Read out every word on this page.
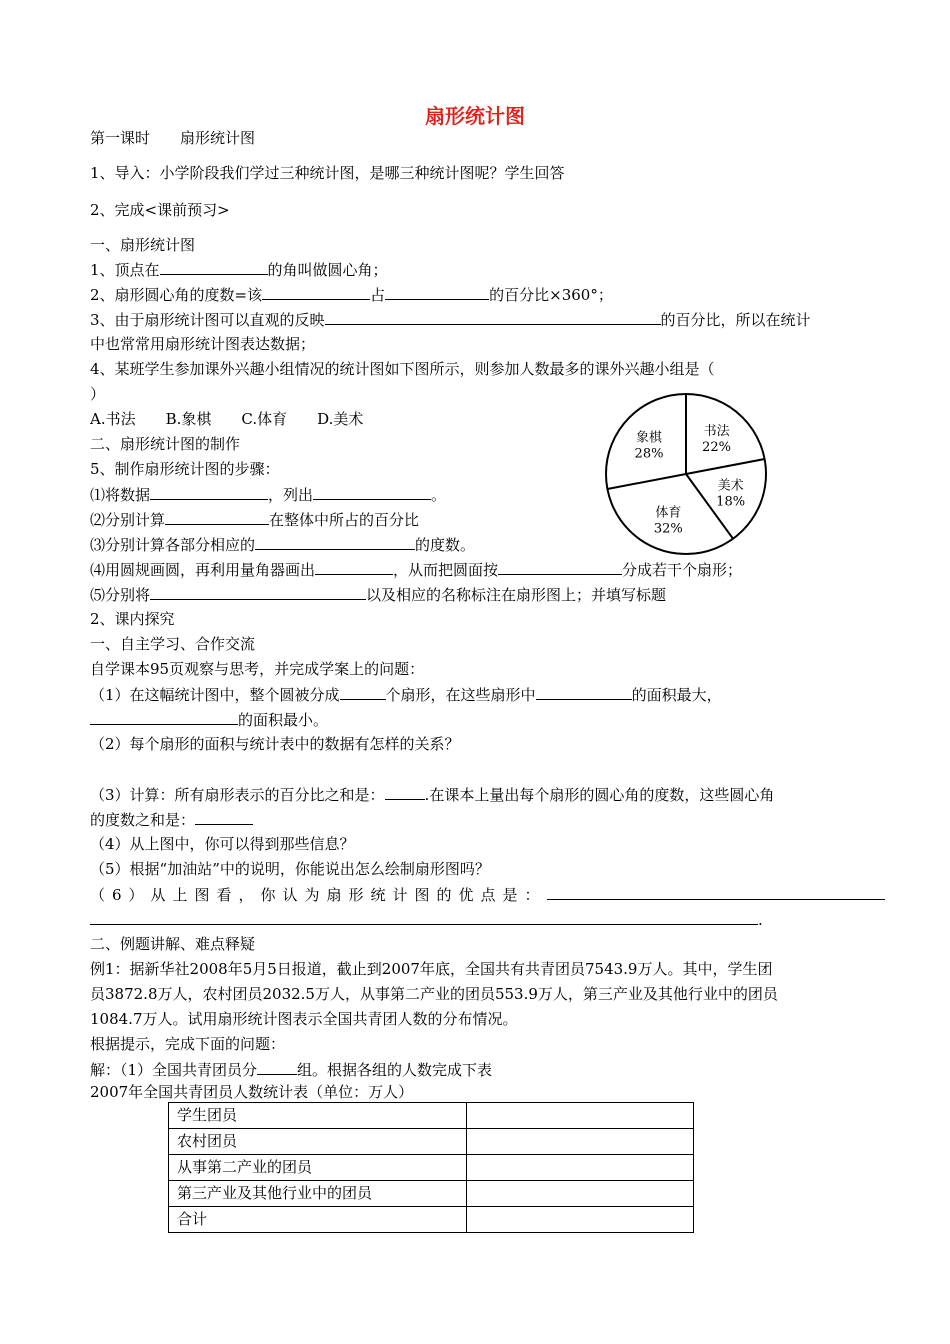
扇形统计图
第一课时　　扇形统计图
1、导入：小学阶段我们学过三种统计图，是哪三种统计图呢？学生回答
2、完成<课前预习>
一、扇形统计图
1、顶点在	的角叫做圆心角；
2、扇形圆心角的度数=该	占	的百分比×360°；
3、由于扇形统计图可以直观的反映	的百分比，所以在统计
中也常常用扇形统计图表达数据；
4、某班学生参加课外兴趣小组情况的统计图如下图所示，则参加人数最多的课外兴趣小组是（
）
A.书法　　B.象棋　　C.体育　　D.美术
二、扇形统计图的制作
5、制作扇形统计图的步骤：
⑴将数据	，列出	。
⑵分别计算	在整体中所占的百分比
⑶分别计算各部分相应的	的度数。
⑷用圆规画圆，再利用量角器画出	，从而把圆面按	分成若干个扇形；
⑸分别将	以及相应的名称标注在扇形图上；并填写标题
2、课内探究
一、自主学习、合作交流
自学课本95页观察与思考，并完成学案上的问题：
（1）在这幅统计图中，整个圆被分成	个扇形，在这些扇形中	的面积最大，
的面积最小。
（2）每个扇形的面积与统计表中的数据有怎样的关系？
（3）计算：所有扇形表示的百分比之和是：	.在课本上量出每个扇形的圆心角的度数，这些圆心角
的度数之和是：
（4）从上图中，你可以得到那些信息？
（5）根据“加油站”中的说明，你能说出怎么绘制扇形图吗？
（6）从上图看，你认为扇形统计图的优点是：
.
二、例题讲解、难点释疑
例1：据新华社2008年5月5日报道，截止到2007年底，全国共有共青团员7543.9万人。其中，学生团
员3872.8万人，农村团员2032.5万人，从事第二产业的团员553.9万人，第三产业及其他行业中的团员
1084.7万人。试用扇形统计图表示全国共青团人数的分布情况。
根据提示，完成下面的问题：
解：（1）全国共青团员分	组。根据各组的人数完成下表
2007年全国共青团员人数统计表（单位：万人）
书法
22%
美术
18%
体育
32%
象棋
28%
学生团员	
农村团员	
从事第二产业的团员	
第三产业及其他行业中的团员	
合计	
